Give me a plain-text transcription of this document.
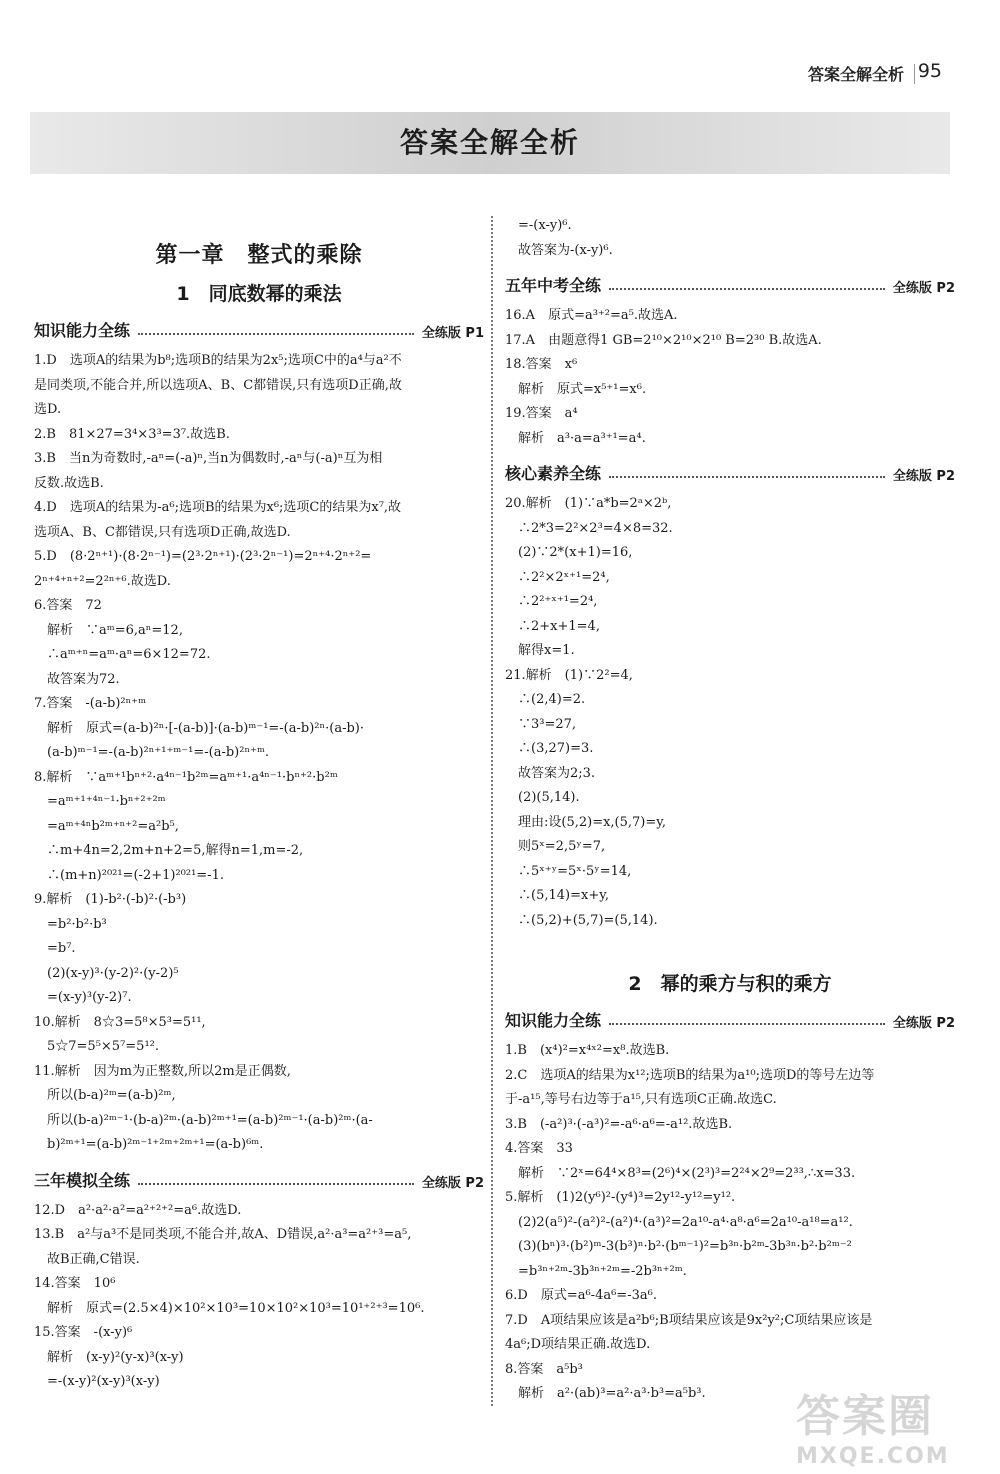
答案全解全析 95
答案全解全析
第一章　整式的乘除
1　同底数幂的乘法
知识能力全练	全练版 P1
1.D　选项A的结果为b⁸;选项B的结果为2x⁵;选项C中的a⁴与a²不
是同类项,不能合并,所以选项A、B、C都错误,只有选项D正确,故
选D.
2.B　81×27=3⁴×3³=3⁷.故选B.
3.B　当n为奇数时,-aⁿ=(-a)ⁿ,当n为偶数时,-aⁿ与(-a)ⁿ互为相
反数.故选B.
4.D　选项A的结果为-a⁶;选项B的结果为x⁶;选项C的结果为x⁷,故
选项A、B、C都错误,只有选项D正确,故选D.
5.D　(8·2ⁿ⁺¹)·(8·2ⁿ⁻¹)=(2³·2ⁿ⁺¹)·(2³·2ⁿ⁻¹)=2ⁿ⁺⁴·2ⁿ⁺²=
2ⁿ⁺⁴⁺ⁿ⁺²=2²ⁿ⁺⁶.故选D.
6.答案　72
　解析　∵aᵐ=6,aⁿ=12,
　∴aᵐ⁺ⁿ=aᵐ·aⁿ=6×12=72.
　故答案为72.
7.答案　-(a-b)²ⁿ⁺ᵐ
　解析　原式=(a-b)²ⁿ·[-(a-b)]·(a-b)ᵐ⁻¹=-(a-b)²ⁿ·(a-b)·
　(a-b)ᵐ⁻¹=-(a-b)²ⁿ⁺¹⁺ᵐ⁻¹=-(a-b)²ⁿ⁺ᵐ.
8.解析　∵aᵐ⁺¹bⁿ⁺²·a⁴ⁿ⁻¹b²ᵐ=aᵐ⁺¹·a⁴ⁿ⁻¹·bⁿ⁺²·b²ᵐ
　=aᵐ⁺¹⁺⁴ⁿ⁻¹·bⁿ⁺²⁺²ᵐ
　=aᵐ⁺⁴ⁿb²ᵐ⁺ⁿ⁺²=a²b⁵,
　∴m+4n=2,2m+n+2=5,解得n=1,m=-2,
　∴(m+n)²⁰²¹=(-2+1)²⁰²¹=-1.
9.解析　(1)-b²·(-b)²·(-b³)
　=b²·b²·b³
　=b⁷.
　(2)(x-y)³·(y-2)²·(y-2)⁵
　=(x-y)³(y-2)⁷.
10.解析　8☆3=5⁸×5³=5¹¹,
　5☆7=5⁵×5⁷=5¹².
11.解析　因为m为正整数,所以2m是正偶数,
　所以(b-a)²ᵐ=(a-b)²ᵐ,
　所以(b-a)²ᵐ⁻¹·(b-a)²ᵐ·(a-b)²ᵐ⁺¹=(a-b)²ᵐ⁻¹·(a-b)²ᵐ·(a-
　b)²ᵐ⁺¹=(a-b)²ᵐ⁻¹⁺²ᵐ⁺²ᵐ⁺¹=(a-b)⁶ᵐ.
三年模拟全练	全练版 P2
12.D　a²·a²·a²=a²⁺²⁺²=a⁶.故选D.
13.B　a²与a³不是同类项,不能合并,故A、D错误,a²·a³=a²⁺³=a⁵,
　故B正确,C错误.
14.答案　10⁶
　解析　原式=(2.5×4)×10²×10³=10×10²×10³=10¹⁺²⁺³=10⁶.
15.答案　-(x-y)⁶
　解析　(x-y)²(y-x)³(x-y)
　=-(x-y)²(x-y)³(x-y)
　=-(x-y)⁶.
　故答案为-(x-y)⁶.
五年中考全练	全练版 P2
16.A　原式=a³⁺²=a⁵.故选A.
17.A　由题意得1 GB=2¹⁰×2¹⁰×2¹⁰ B=2³⁰ B.故选A.
18.答案　x⁶
　解析　原式=x⁵⁺¹=x⁶.
19.答案　a⁴
　解析　a³·a=a³⁺¹=a⁴.
核心素养全练	全练版 P2
20.解析　(1)∵a*b=2ᵃ×2ᵇ,
　∴2*3=2²×2³=4×8=32.
　(2)∵2*(x+1)=16,
　∴2²×2ˣ⁺¹=2⁴,
　∴2²⁺ˣ⁺¹=2⁴,
　∴2+x+1=4,
　解得x=1.
21.解析　(1)∵2²=4,
　∴(2,4)=2.
　∵3³=27,
　∴(3,27)=3.
　故答案为2;3.
　(2)(5,14).
　理由:设(5,2)=x,(5,7)=y,
　则5ˣ=2,5ʸ=7,
　∴5ˣ⁺ʸ=5ˣ·5ʸ=14,
　∴(5,14)=x+y,
　∴(5,2)+(5,7)=(5,14).
2　幂的乘方与积的乘方
知识能力全练	全练版 P2
1.B　(x⁴)²=x⁴ˣ²=x⁸.故选B.
2.C　选项A的结果为x¹²;选项B的结果为a¹⁰;选项D的等号左边等
于-a¹⁵,等号右边等于a¹⁵,只有选项C正确.故选C.
3.B　(-a²)³·(-a³)²=-a⁶·a⁶=-a¹².故选B.
4.答案　33
　解析　∵2ˣ=64⁴×8³=(2⁶)⁴×(2³)³=2²⁴×2⁹=2³³,∴x=33.
5.解析　(1)2(y⁶)²-(y⁴)³=2y¹²-y¹²=y¹².
　(2)2(a⁵)²-(a²)²-(a²)⁴·(a³)²=2a¹⁰-a⁴·a⁸·a⁶=2a¹⁰-a¹⁸=a¹².
　(3)(bⁿ)³·(b²)ᵐ-3(b³)ⁿ·b²·(bᵐ⁻¹)²=b³ⁿ·b²ᵐ-3b³ⁿ·b²·b²ᵐ⁻²
　=b³ⁿ⁺²ᵐ-3b³ⁿ⁺²ᵐ=-2b³ⁿ⁺²ᵐ.
6.D　原式=a⁶-4a⁶=-3a⁶.
7.D　A项结果应该是a²b⁶;B项结果应该是9x²y²;C项结果应该是
4a⁶;D项结果正确.故选D.
8.答案　a⁵b³
　解析　a²·(ab)³=a²·a³·b³=a⁵b³.	答案圈
MXQE.COM
